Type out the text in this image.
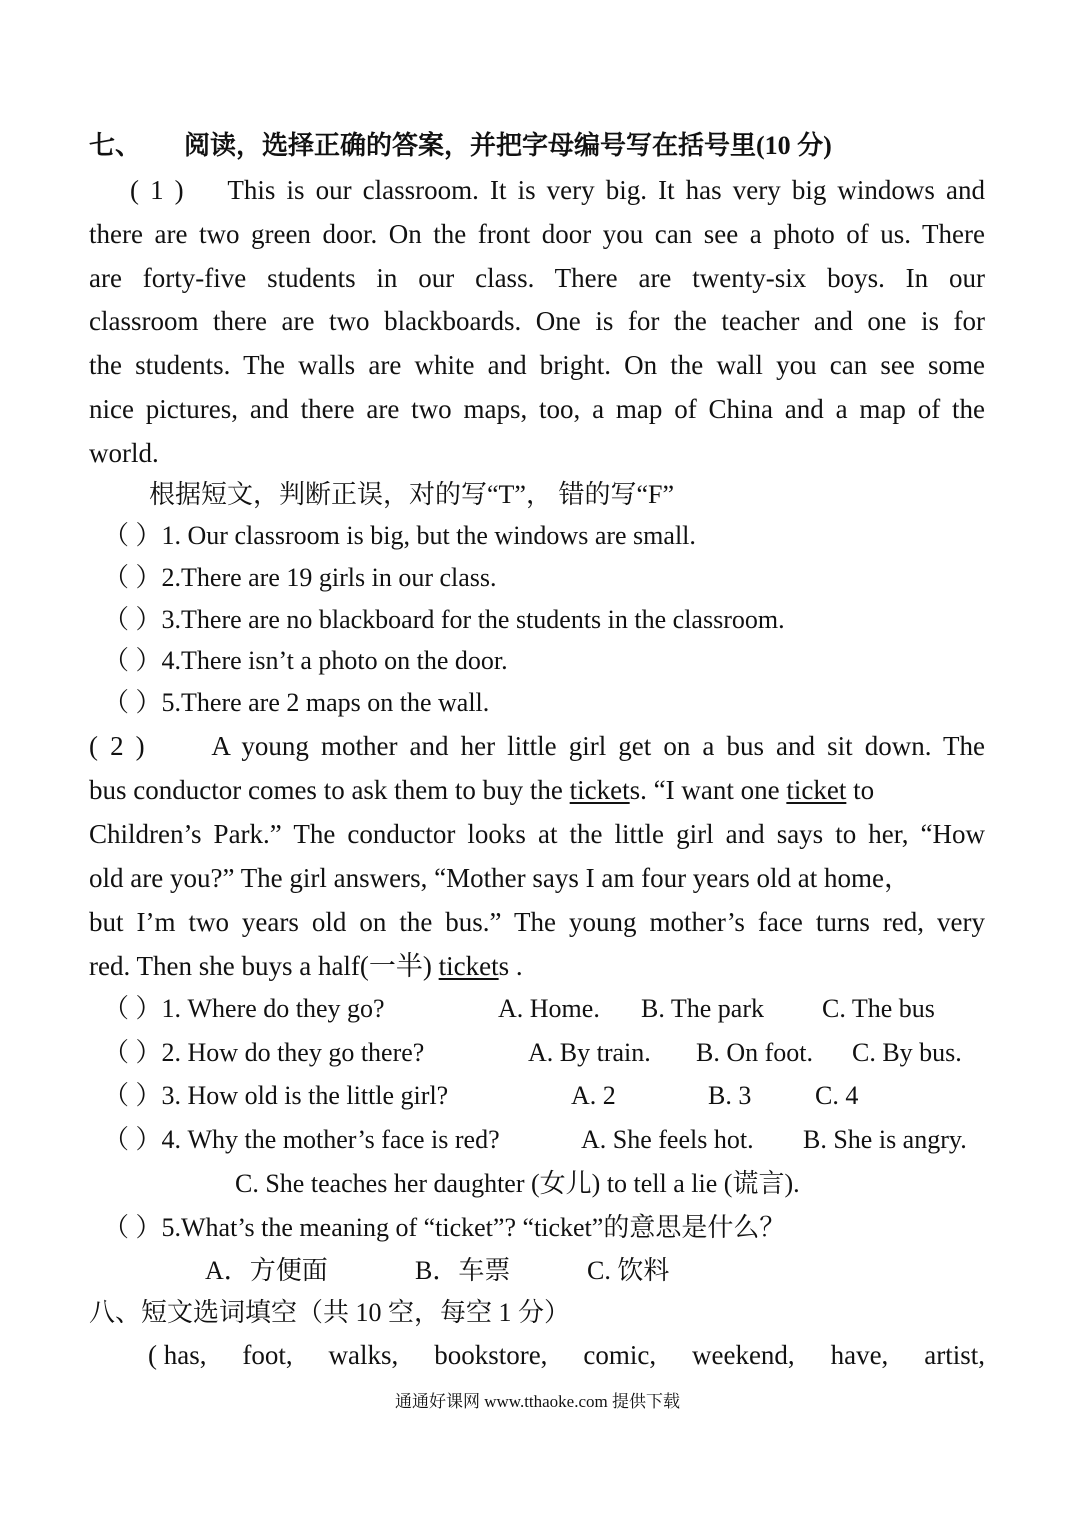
七、 阅读，选择正确的答案，并把字母编号写在括号里(10 分)
( 1 ) This is our classroom. It is very big. It has very big windows and
there are two green door. On the front door you can see a photo of us. There
are forty-five students in our class. There are twenty-six boys. In our
classroom there are two blackboards. One is for the teacher and one is for
the students. The walls are white and bright. On the wall you can see some
nice pictures, and there are two maps, too, a map of China and a map of the
world.
根据短文，判断正误，对的写“T”， 错的写“F”
（ ）1. Our classroom is big, but the windows are small.
（ ）2.There are 19 girls in our class.
（ ）3.There are no blackboard for the students in the classroom.
（ ）4.There isn’t a photo on the door.
（ ）5.There are 2 maps on the wall.
( 2 ) A young mother and her little girl get on a bus and sit down. The
bus conductor comes to ask them to buy the tickets. “I want one ticket to
Children’s Park.” The conductor looks at the little girl and says to her, “How
old are you?” The girl answers, “Mother says I am four years old at home，
but I’m two years old on the bus.” The young mother’s face turns red, very
red. Then she buys a half(一半) tickets .
（ ）1. Where do they go?	A. Home. B. The park C. The bus
（ ）2. How do they go there?	A. By train. B. On foot. C. By bus.
（ ）3. How old is the little girl?	A. 2	B. 3 C. 4
（ ）4. Why the mother’s face is red?	A. She feels hot. B. She is angry.
C. She teaches her daughter (女儿) to tell a lie (谎言).
（ ）5.What’s the meaning of “ticket”? “ticket”的意思是什么？
A．方便面	B．车票	C. 饮料
八、短文选词填空（共 10 空，每空 1 分）
( has, foot, walks, bookstore, comic, weekend, have, artist,
通通好课网 www.tthaoke.com 提供下载
